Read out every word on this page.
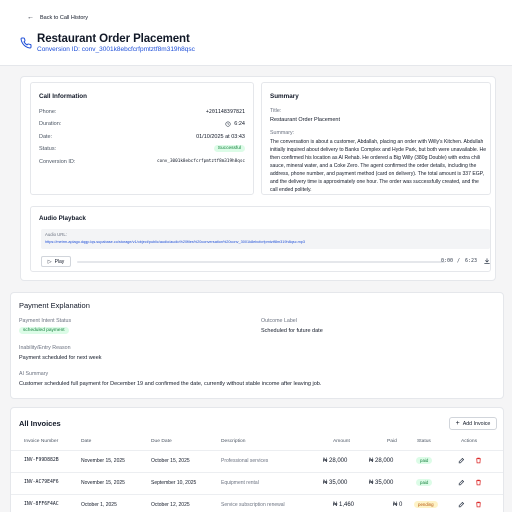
← Back to Call History
Restaurant Order Placement
Conversion ID: conv_3001k8ebcfcrfpmtztf8m319h8qsc
Call Information
Phone:	+201148397821
Duration:	6:24
Date:	01/10/2025 at 03:43
Status:	Successful
Conversion ID:	conv_3001k8ebcfcrfpmtztf8m319h8qsc
Summary
Title:
Restaurant Order Placement
Summary:
The conversation is about a customer, Abdallah, placing an order with Willy's Kitchen. Abdullah
initially inquired about delivery to Banks Complex and Hyde Park, but both were unavailable. He
then confirmed his location as Al Rehab. He ordered a Big Willy (380g Double) with extra chili
sauce, mineral water, and a Coke Zero. The agent confirmed the order details, including the
address, phone number, and payment method (card on delivery). The total amount is 337 EGP,
and the delivery time is approximately one hour. The order was successfully created, and the
call ended politely.
Audio Playback
Audio URL:
https://metrm-apiago.dqgp.lqs.supabase.co/storage/v1/object/public/audio/audio%20files%20conversation%20conv_3001k8ebcfcrfpmtztf8m319h8qsc.mp3
▷ Play	0:00 / 6:23
Payment Explanation
Payment Intent Status
scheduled payment
Outcome Label
Scheduled for future date
Inability/Entry Reason
Payment scheduled for next week
AI Summary
Customer scheduled full payment for December 19 and confirmed the date, currently without stable income after leaving job.
All Invoices	+ Add Invoice
Invoice Number	Date	Due Date	Description	Amount	Paid	Status	Actions
INV-F99D882B	November 15, 2025	October 15, 2025	Professional services	₦ 28,000	₦ 28,000	paid
INV-AC79E4F6	November 15, 2025	September 10, 2025	Equipment rental	₦ 35,000	₦ 35,000	paid
INV-8FF6F4AC	October 1, 2025	October 12, 2025	Service subscription renewal	₦ 1,460	₦ 0	pending
